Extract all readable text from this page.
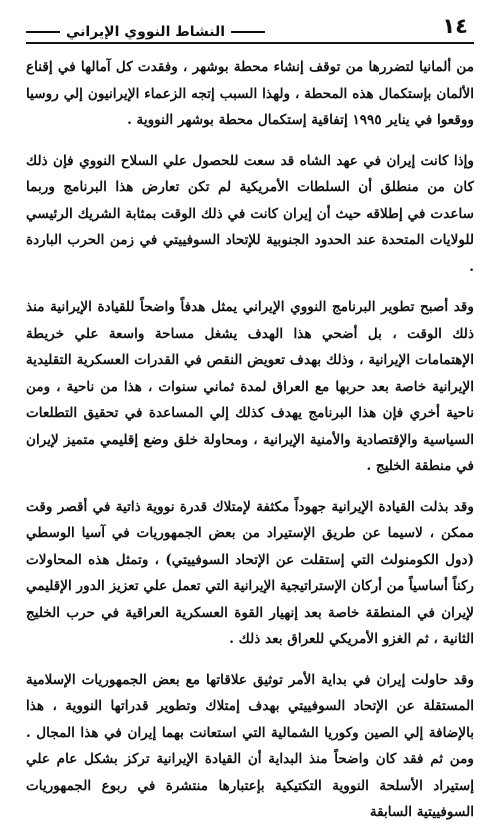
١٤
النشاط النووي الإيراني

من ألمانيا لتضررها من توقف إنشاء محطة بوشهر ، وفقدت كل آمالها في إقناع الألمان بإستكمال هذه المحطة ، ولهذا السبب إتجه الزعماء الإيرانيون إلي روسيا ووقعوا في يناير ١٩٩٥ إتفاقية إستكمال محطة بوشهر النووية .

وإذا كانت إيران في عهد الشاه قد سعت للحصول علي السلاح النووي فإن ذلك كان من منطلق أن السلطات الأمريكية لم تكن تعارض هذا البرنامج وربما ساعدت في إطلاقه حيث أن إيران كانت في ذلك الوقت بمثابة الشريك الرئيسي للولايات المتحدة عند الحدود الجنوبية للإتحاد السوفييتي في زمن الحرب الباردة .

وقد أصبح تطوير البرنامج النووي الإيراني يمثل هدفاً واضحاً للقيادة الإيرانية منذ ذلك الوقت ، بل أضحي هذا الهدف يشغل مساحة واسعة علي خريطة الإهتمامات الإيرانية ، وذلك بهدف تعويض النقص في القدرات العسكرية التقليدية الإيرانية خاصة بعد حربها مع العراق لمدة ثماني سنوات ، هذا من ناحية ، ومن ناحية أخري فإن هذا البرنامج يهدف كذلك إلي المساعدة في تحقيق التطلعات السياسية والإقتصادية والأمنية الإيرانية ، ومحاولة خلق وضع إقليمي متميز لإيران في منطقة الخليج .

وقد بذلت القيادة الإيرانية جهوداً مكثفة لإمتلاك قدرة نووية ذاتية في أقصر وقت ممكن ، لاسيما عن طريق الإستيراد من بعض الجمهوريات في آسيا الوسطي (دول الكومنولث التي إستقلت عن الإتحاد السوفييتي) ، وتمثل هذه المحاولات ركناً أساسياً من أركان الإستراتيجية الإيرانية التي تعمل علي تعزيز الدور الإقليمي لإيران في المنطقة خاصة بعد إنهيار القوة العسكرية العراقية في حرب الخليج الثانية ، ثم الغزو الأمريكي للعراق بعد ذلك .

وقد حاولت إيران في بداية الأمر توثيق علاقاتها مع بعض الجمهوريات الإسلامية المستقلة عن الإتحاد السوفييتي بهدف إمتلاك وتطوير قدراتها النووية ، هذا بالإضافة إلي الصين وكوريا الشمالية التي استعانت بهما إيران في هذا المجال . ومن ثم فقد كان واضحاً منذ البداية أن القيادة الإيرانية تركز بشكل عام علي إستيراد الأسلحة النووية التكتيكية بإعتبارها منتشرة في ربوع الجمهوريات السوفييتية السابقة
